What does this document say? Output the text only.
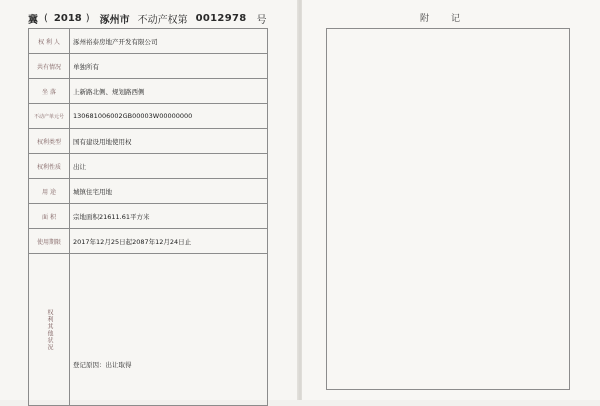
冀 ( 2018 ) 涿州市 不动产权第 0012978 号
权 利 人	涿州裕泰房地产开发有限公司
共有情况	单独所有
坐 落	上新路北侧、规划路西侧
不动产单元号	130681006002GB00003W00000000
权利类型	国有建设用地使用权
权利性质	出让
用 途	城镇住宅用地
面 积	宗地面积21611.61平方米
使用期限	2017年12月25日起2087年12月24日止
权利其他状况	登记原因：出让取得
附记
